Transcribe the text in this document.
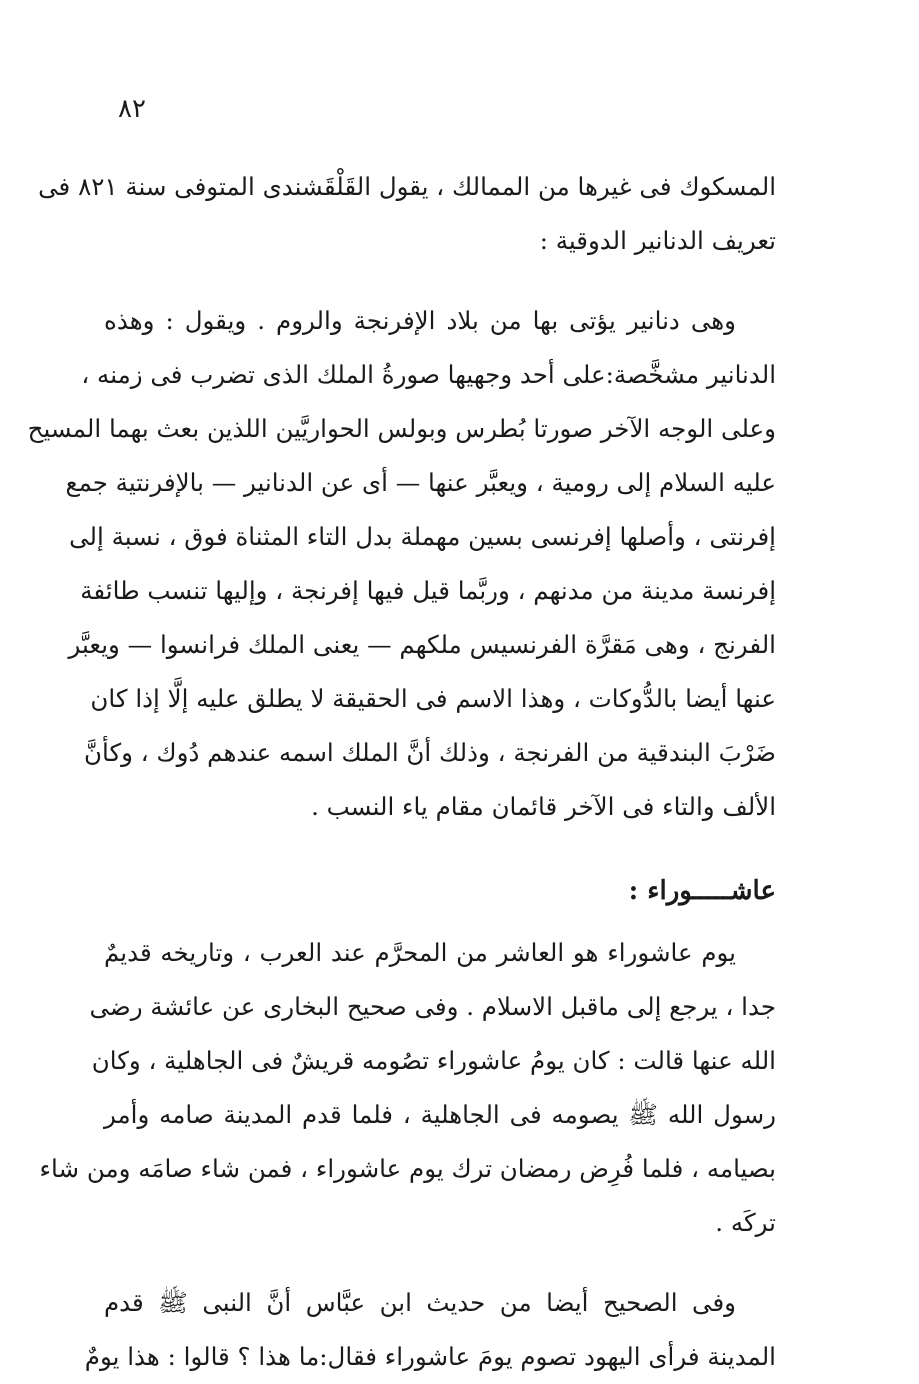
٨٢
المسكوك فى غيرها من الممالك ، يقول القَلْقَشندى المتوفى سنة ٨٢١ فى
تعريف الدنانير الدوقية :
وهى دنانير يؤتى بها من بلاد الإفرنجة والروم . ويقول : وهذه
الدنانير مشخَّصة:على أحد وجهيها صورةُ الملك الذى تضرب فى زمنه ،
وعلى الوجه الآخر صورتا بُطرس وبولس الحواريَّين اللذين بعث بهما المسيح
عليه السلام إلى رومية ، ويعبَّر عنها — أى عن الدنانير — بالإفرنتية جمع
إفرنتى ، وأصلها إفرنسى بسين مهملة بدل التاء المثناة فوق ، نسبة إلى
إفرنسة مدينة من مدنهم ، وربَّما قيل فيها إفرنجة ، وإليها تنسب طائفة
الفرنج ، وهى مَقرَّة الفرنسيس ملكهم — يعنى الملك فرانسوا — ويعبَّر
عنها أيضا بالدُّوكات ، وهذا الاسم فى الحقيقة لا يطلق عليه إلَّا إذا كان
ضَرْبَ البندقية من الفرنجة ، وذلك أنَّ الملك اسمه عندهم دُوك ، وكأنَّ
الألف والتاء فى الآخر قائمان مقام ياء النسب .
عاشـــــوراء :
يوم عاشوراء هو العاشر من المحرَّم عند العرب ، وتاريخه قديمٌ
جدا ، يرجع إلى ماقبل الاسلام . وفى صحيح البخارى عن عائشة رضى
الله عنها قالت : كان يومُ عاشوراء تصُومه قريشٌ فى الجاهلية ، وكان
رسول الله ﷺ يصومه فى الجاهلية ، فلما قدم المدينة صامه وأمر
بصيامه ، فلما فُرِض رمضان ترك يوم عاشوراء ، فمن شاء صامَه ومن شاء
تركَه .
وفى الصحيح أيضا من حديث ابن عبَّاس أنَّ النبى ﷺ قدم
المدينة فرأى اليهود تصوم يومَ عاشوراء فقال:ما هذا ؟ قالوا : هذا يومٌ
